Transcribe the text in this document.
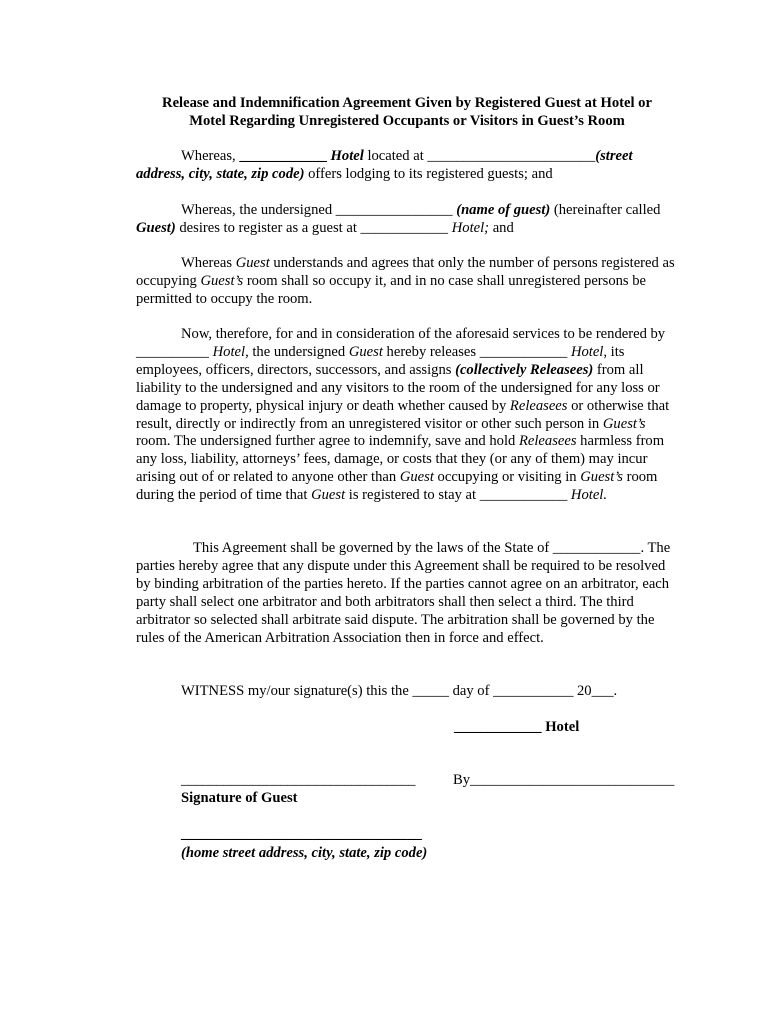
Release and Indemnification Agreement Given by Registered Guest at Hotel or
Motel Regarding Unregistered Occupants or Visitors in Guest’s Room
Whereas, ____________ Hotel located at _______________________(street address, city, state, zip code) offers lodging to its registered guests; and
Whereas, the undersigned ________________ (name of guest) (hereinafter called Guest) desires to register as a guest at ____________ Hotel; and
Whereas Guest understands and agrees that only the number of persons registered as occupying Guest’s room shall so occupy it, and in no case shall unregistered persons be permitted to occupy the room.
Now, therefore, for and in consideration of the aforesaid services to be rendered by __________ Hotel, the undersigned Guest hereby releases ____________ Hotel, its employees, officers, directors, successors, and assigns (collectively Releasees) from all liability to the undersigned and any visitors to the room of the undersigned for any loss or damage to property, physical injury or death whether caused by Releasees or otherwise that result, directly or indirectly from an unregistered visitor or other such person in Guest’s room. The undersigned further agree to indemnify, save and hold Releasees harmless from any loss, liability, attorneys’ fees, damage, or costs that they (or any of them) may incur arising out of or related to anyone other than Guest occupying or visiting in Guest’s room during the period of time that Guest is registered to stay at ____________ Hotel.
This Agreement shall be governed by the laws of the State of ____________. The parties hereby agree that any dispute under this Agreement shall be required to be resolved by binding arbitration of the parties hereto. If the parties cannot agree on an arbitrator, each party shall select one arbitrator and both arbitrators shall then select a third. The third arbitrator so selected shall arbitrate said dispute. The arbitration shall be governed by the rules of the American Arbitration Association then in force and effect.
WITNESS my/our signature(s) this the _____ day of ___________ 20___.
____________ Hotel
_________________________________	By____________________________
Signature of Guest
_________________________________
(home street address, city, state, zip code)
